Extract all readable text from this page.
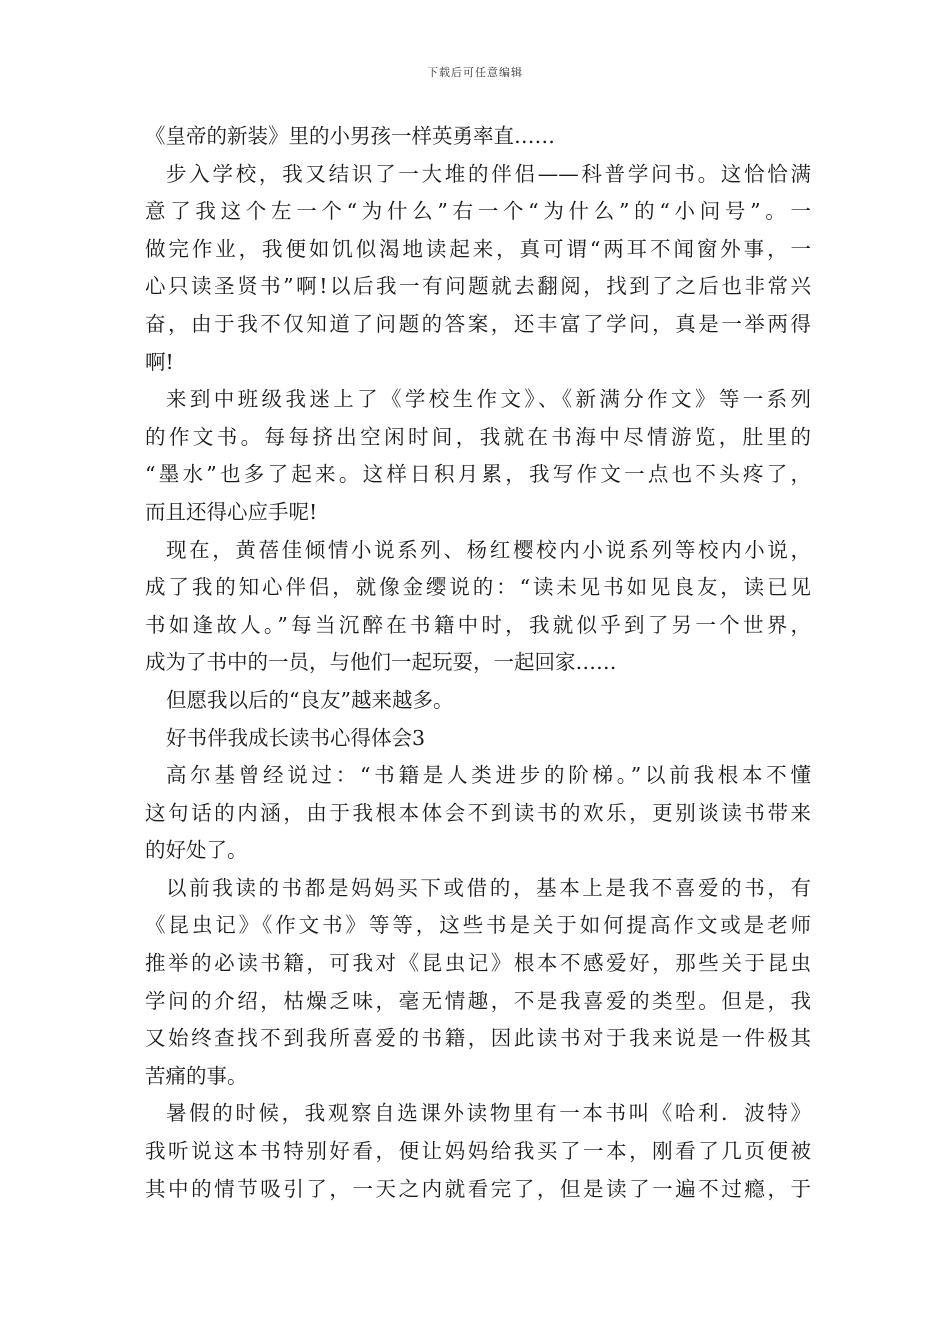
下载后可任意编辑
《皇帝的新装》里的小男孩一样英勇率直……
步入学校，我又结识了一大堆的伴侣——科普学问书。这恰恰满
意了我这个左一个“为什么”右一个“为什么”的“小问号”。一
做完作业，我便如饥似渴地读起来，真可谓“两耳不闻窗外事，一
心只读圣贤书”啊!以后我一有问题就去翻阅，找到了之后也非常兴
奋，由于我不仅知道了问题的答案，还丰富了学问，真是一举两得
啊!
来到中班级我迷上了《学校生作文》、《新满分作文》等一系列
的作文书。每每挤出空闲时间，我就在书海中尽情游览，肚里的
“墨水”也多了起来。这样日积月累，我写作文一点也不头疼了，
而且还得心应手呢!
现在，黄蓓佳倾情小说系列、杨红樱校内小说系列等校内小说，
成了我的知心伴侣，就像金缨说的：“读未见书如见良友，读已见
书如逢故人。”每当沉醉在书籍中时，我就似乎到了另一个世界，
成为了书中的一员，与他们一起玩耍，一起回家……
但愿我以后的“良友”越来越多。
好书伴我成长读书心得体会3
高尔基曾经说过：“书籍是人类进步的阶梯。”以前我根本不懂
这句话的内涵，由于我根本体会不到读书的欢乐，更别谈读书带来
的好处了。
以前我读的书都是妈妈买下或借的，基本上是我不喜爱的书，有
《昆虫记》《作文书》等等，这些书是关于如何提高作文或是老师
推举的必读书籍，可我对《昆虫记》根本不感爱好，那些关于昆虫
学问的介绍，枯燥乏味，毫无情趣，不是我喜爱的类型。但是，我
又始终查找不到我所喜爱的书籍，因此读书对于我来说是一件极其
苦痛的事。
暑假的时候，我观察自选课外读物里有一本书叫《哈利．波特》
我听说这本书特别好看，便让妈妈给我买了一本，刚看了几页便被
其中的情节吸引了，一天之内就看完了，但是读了一遍不过瘾，于
